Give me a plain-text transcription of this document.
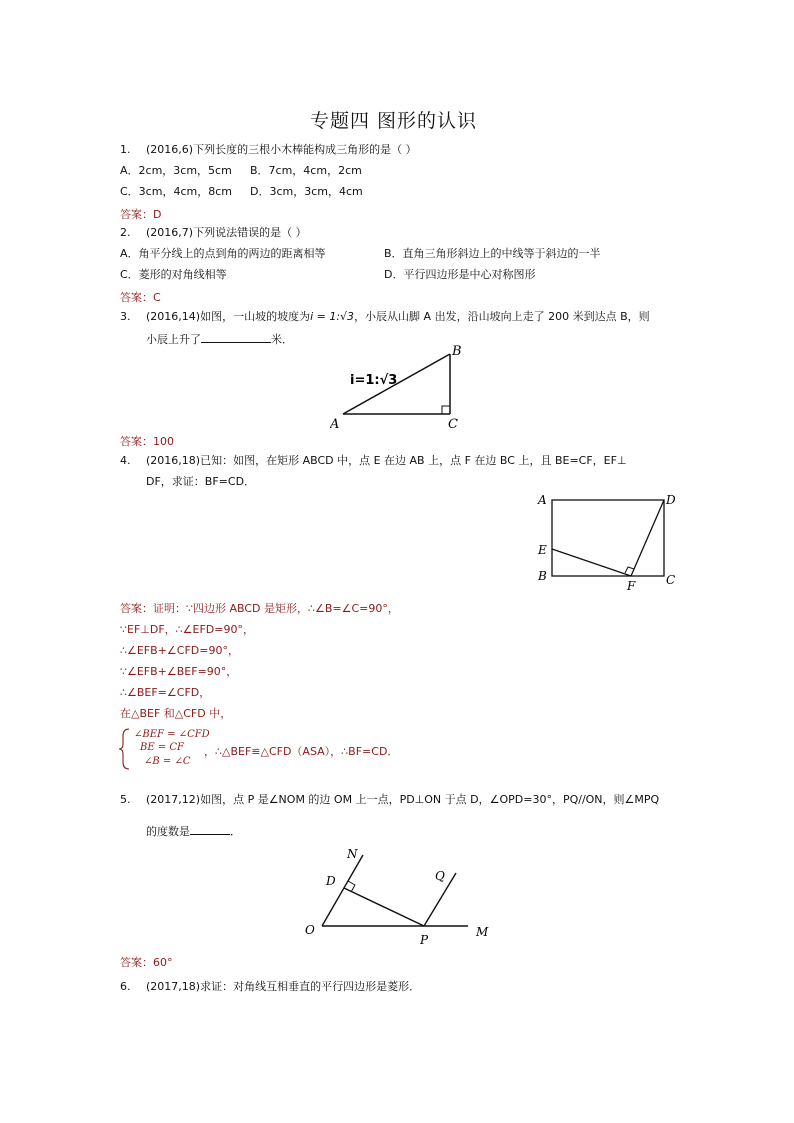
专题四 图形的认识
1. (2016,6)下列长度的三根小木棒能构成三角形的是（ ）
A．2cm，3cm，5cm B．7cm，4cm，2cm
C．3cm，4cm，8cm D．3cm，3cm，4cm
答案：D
2. (2016,7)下列说法错误的是（ ）
A．角平分线上的点到角的两边的距离相等	B．直角三角形斜边上的中线等于斜边的一半
C．菱形的对角线相等	D．平行四边形是中心对称图形
答案：C
3. (2016,14)如图，一山坡的坡度为i = 1:√3，小辰从山脚 A 出发，沿山坡向上走了 200 米到达点 B，则
小辰上升了	米．
i=1:√3
A
B
C
答案：100
4. (2016,18)已知：如图，在矩形 ABCD 中，点 E 在边 AB 上，点 F 在边 BC 上，且 BE=CF，EF⊥
DF，求证：BF=CD．
A	D
E
B
F	C
答案：证明：∵四边形 ABCD 是矩形，∴∠B=∠C=90°，
∵EF⊥DF，∴∠EFD=90°，
∴∠EFB+∠CFD=90°，
∵∠EFB+∠BEF=90°，
∴∠BEF=∠CFD，
在△BEF 和△CFD 中，
∠BEF = ∠CFD
BE = CF
∠B = ∠C
，∴△BEF≌△CFD（ASA），∴BF=CD．
5. (2017,12)如图，点 P 是∠NOM 的边 OM 上一点，PD⊥ON 于点 D，∠OPD=30°，PQ//ON，则∠MPQ
的度数是	．
N
D	Q
O
P
M
答案：60°
6. (2017,18)求证：对角线互相垂直的平行四边形是菱形．
